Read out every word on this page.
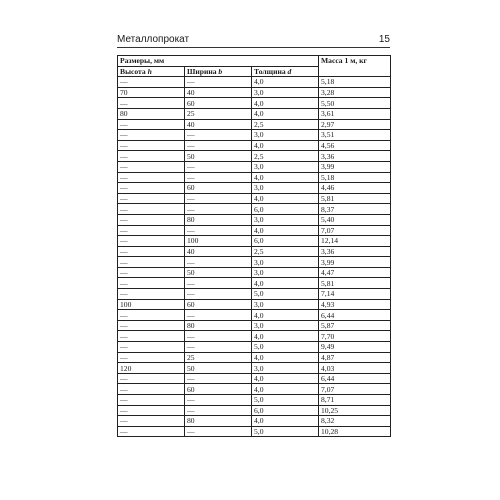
Металлопрокат	15
Размеры, мм			Масса 1 м, кг
Высота h	Ширина b	Толщина d	
—	—	4,0	5,18
70	40	3,0	3,28
—	60	4,0	5,50
80	25	4,0	3,61
—	40	2,5	2,97
—	—	3,0	3,51
—	—	4,0	4,56
—	50	2,5	3,36
—	—	3,0	3,99
—	—	4,0	5,18
—	60	3,0	4,46
—	—	4,0	5,81
—	—	6,0	8,37
—	80	3,0	5,40
—	—	4,0	7,07
—	100	6,0	12,14
—	40	2,5	3,36
—	—	3,0	3,99
—	50	3,0	4,47
—	—	4,0	5,81
—	—	5,0	7,14
100	60	3,0	4,93
—	—	4,0	6,44
—	80	3,0	5,87
—	—	4,0	7,70
—	—	5,0	9,49
—	25	4,0	4,87
120	50	3,0	4,03
—	—	4,0	6,44
—	60	4,0	7,07
—	—	5,0	8,71
—	—	6,0	10,25
—	80	4,0	8,32
—	—	5,0	10,28
